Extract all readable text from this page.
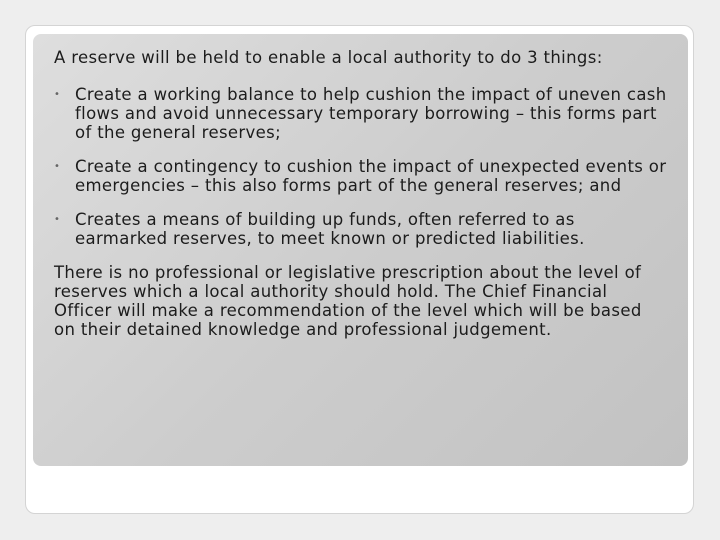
A reserve will be held to enable a local authority to do 3 things:

• Create a working balance to help cushion the impact of uneven cash flows and avoid unnecessary temporary borrowing – this forms part of the general reserves;
• Create a contingency to cushion the impact of unexpected events or emergencies – this also forms part of the general reserves; and
• Creates a means of building up funds, often referred to as earmarked reserves, to meet known or predicted liabilities.

There is no professional or legislative prescription about the level of reserves which a local authority should hold. The Chief Financial Officer will make a recommendation of the level which will be based on their detained knowledge and professional judgement.
